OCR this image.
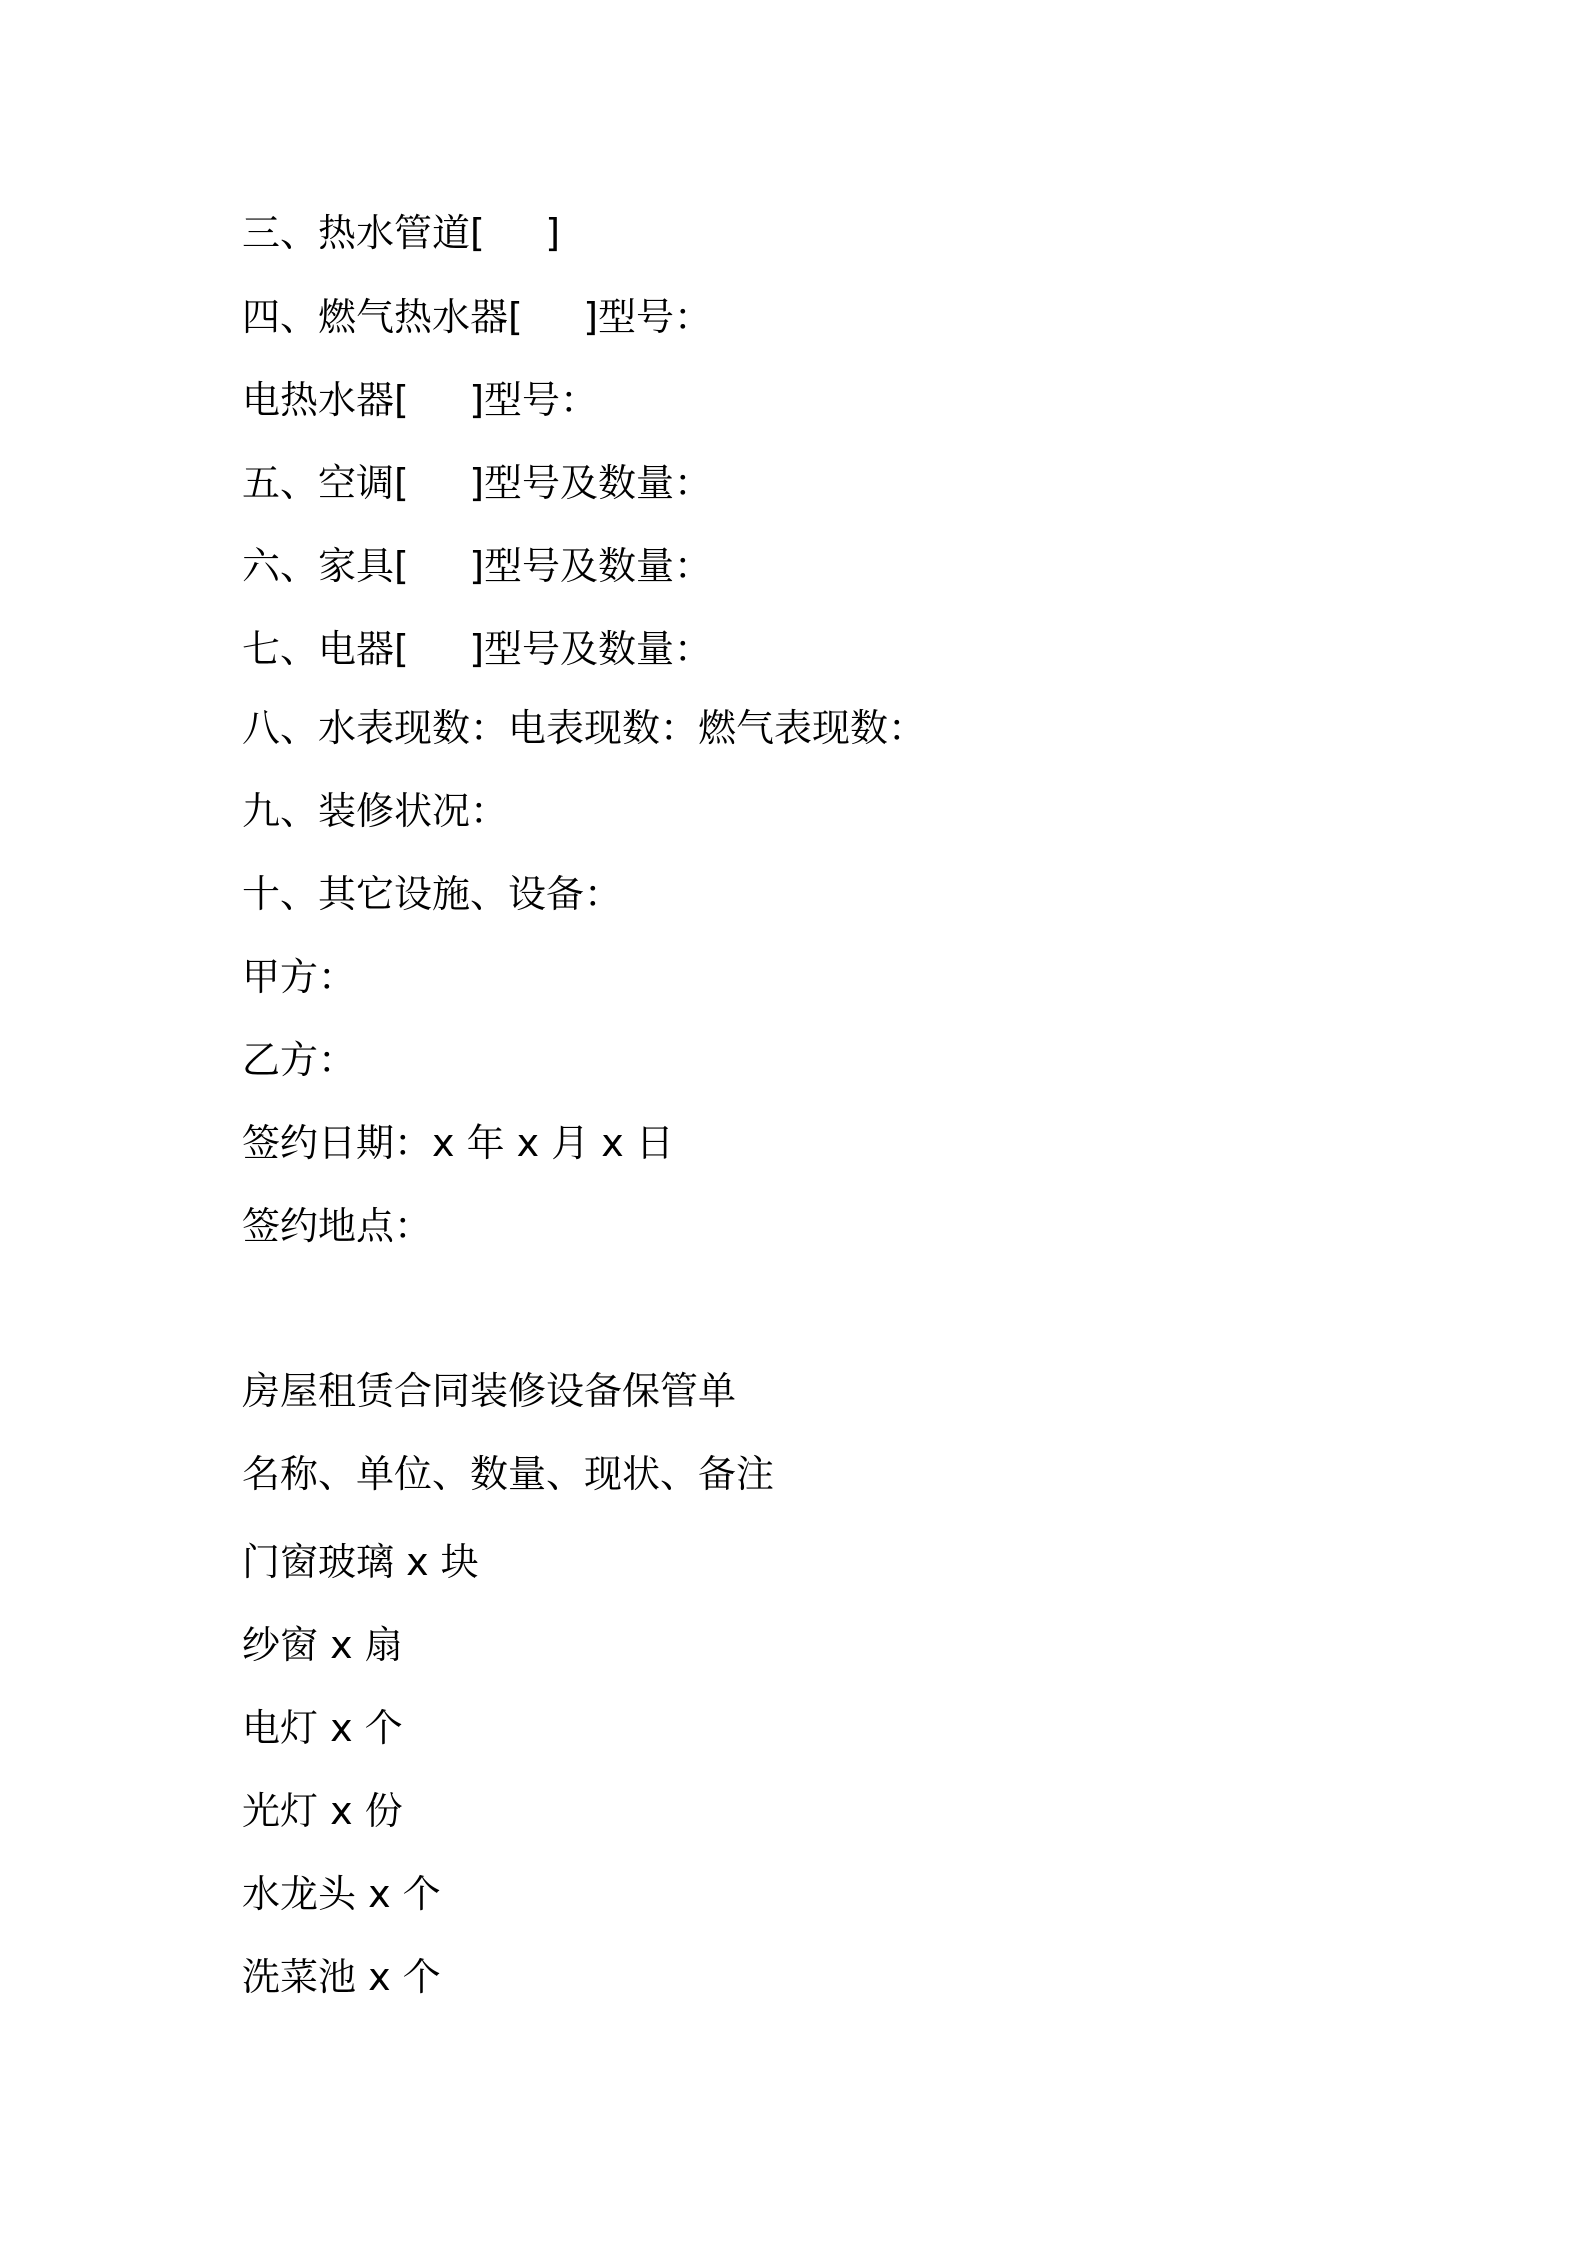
三、热水管道[     ]
四、燃气热水器[     ]型号：
电热水器[     ]型号：
五、空调[     ]型号及数量：
六、家具[     ]型号及数量：
七、电器[     ]型号及数量：
八、水表现数：电表现数：燃气表现数：
九、装修状况：
十、其它设施、设备：
甲方：
乙方：
签约日期：x 年 x 月 x 日
签约地点：
房屋租赁合同装修设备保管单
名称、单位、数量、现状、备注
门窗玻璃 x 块
纱窗 x 扇
电灯 x 个
光灯 x 份
水龙头 x 个
洗菜池 x 个
